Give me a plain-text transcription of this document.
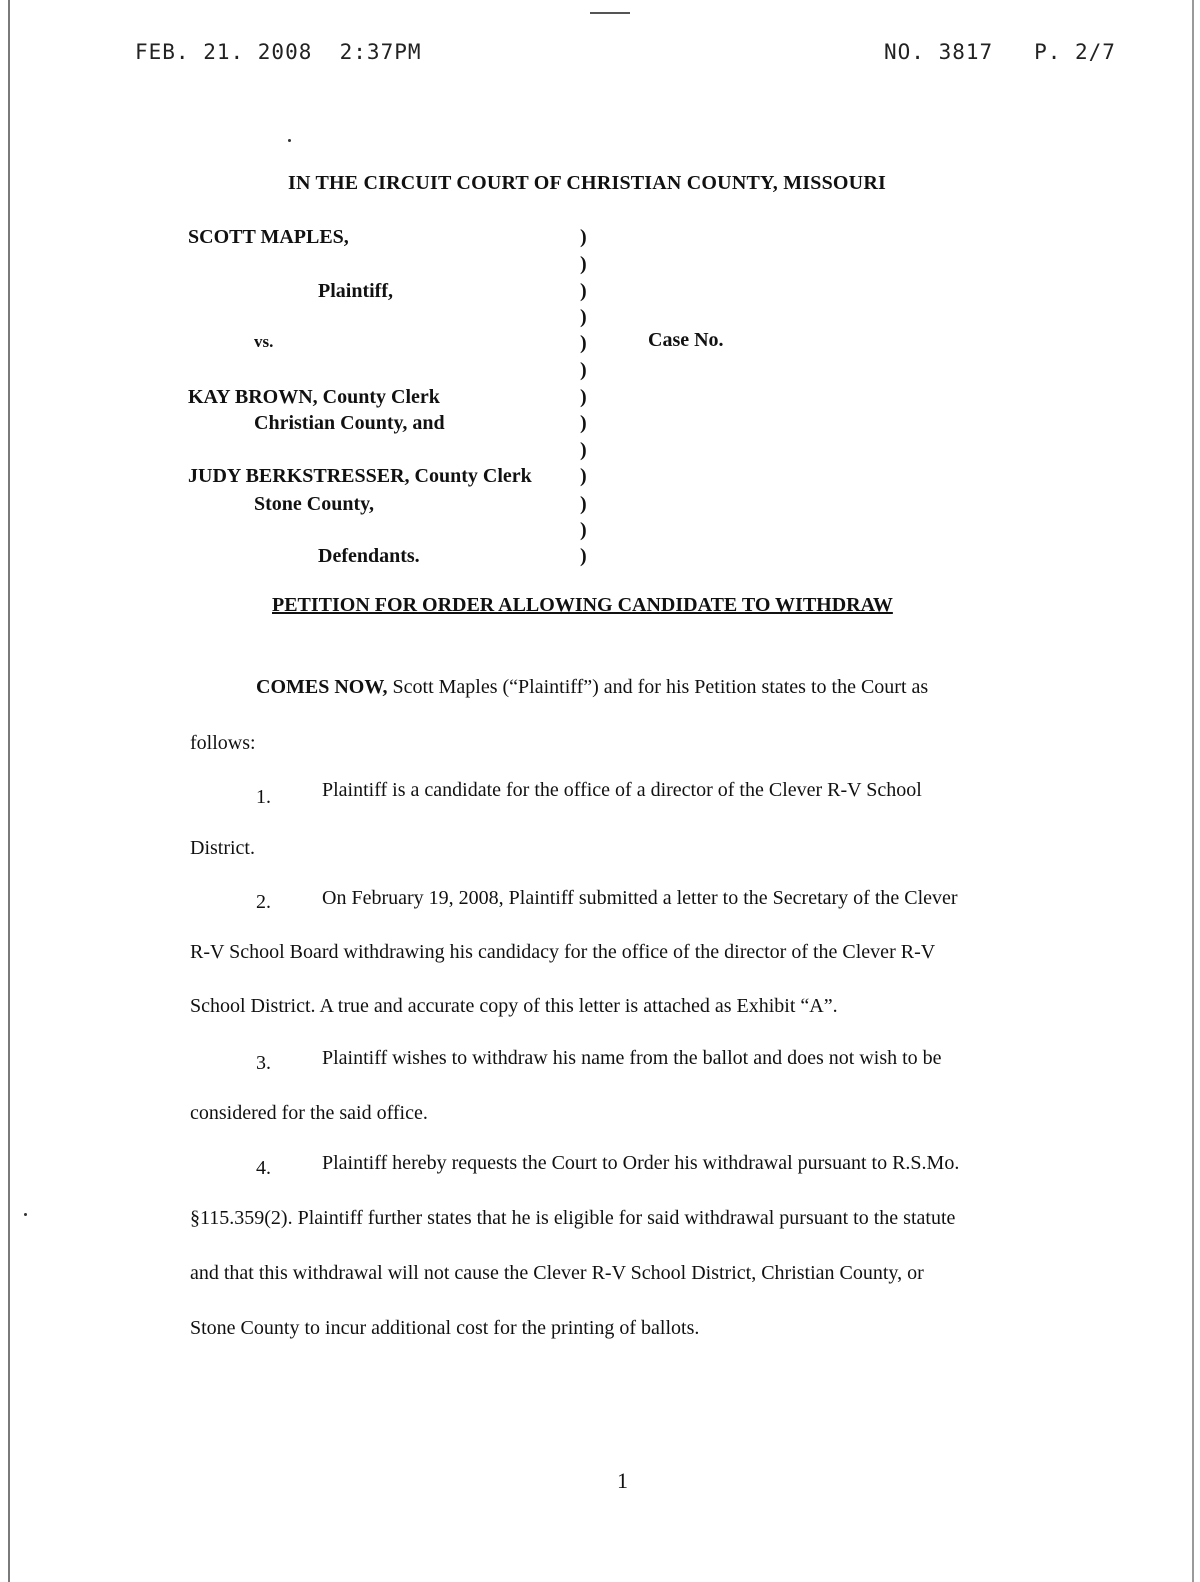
FEB. 21. 2008  2:37PM	NO. 3817   P. 2/7
IN THE CIRCUIT COURT OF CHRISTIAN COUNTY, MISSOURI
SCOTT MAPLES,
Plaintiff,
vs.
KAY BROWN, County Clerk
Christian County, and
JUDY BERKSTRESSER, County Clerk
Stone County,
Defendants.
Case No.
)
)
)
)
)
)
)
)
)
)
)
)
)
PETITION FOR ORDER ALLOWING CANDIDATE TO WITHDRAW
COMES NOW, Scott Maples (“Plaintiff”) and for his Petition states to the Court as
follows:
1.	Plaintiff is a candidate for the office of a director of the Clever R-V School
District.
2.	On February 19, 2008, Plaintiff submitted a letter to the Secretary of the Clever
R-V School Board withdrawing his candidacy for the office of the director of the Clever R-V
School District. A true and accurate copy of this letter is attached as Exhibit “A”.
3.	Plaintiff wishes to withdraw his name from the ballot and does not wish to be
considered for the said office.
4.	Plaintiff hereby requests the Court to Order his withdrawal pursuant to R.S.Mo.
§115.359(2). Plaintiff further states that he is eligible for said withdrawal pursuant to the statute
and that this withdrawal will not cause the Clever R-V School District, Christian County, or
Stone County to incur additional cost for the printing of ballots.
1
